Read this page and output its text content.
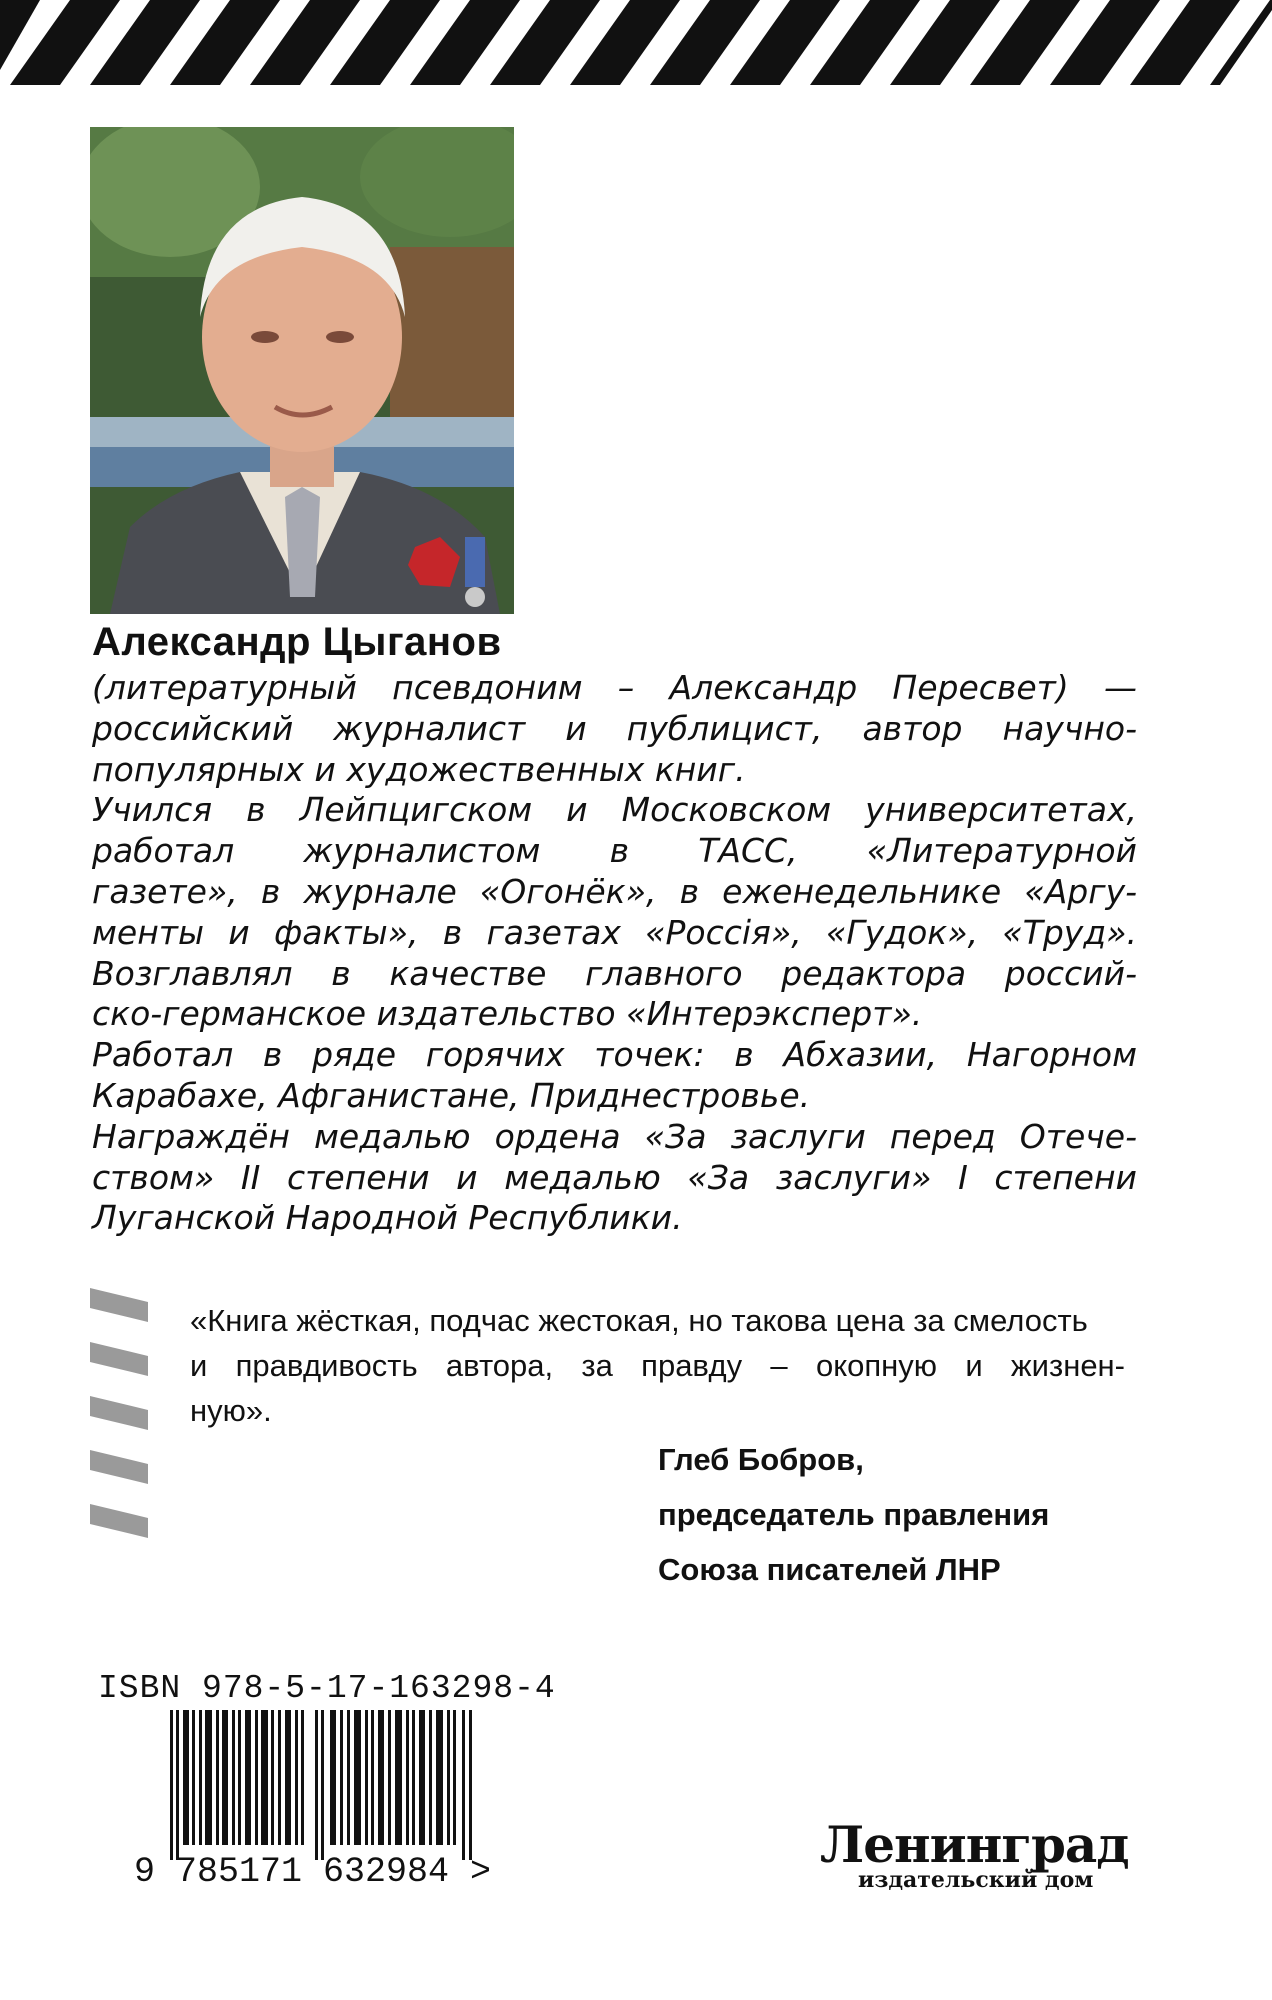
Александр Цыганов

(литературный псевдоним – Александр Пересвет) —
российский журналист и публицист, автор научно-
популярных и художественных книг.
Учился в Лейпцигском и Московском университетах,
работал журналистом в ТАСС, «Литературной
газете», в журнале «Огонёк», в еженедельнике «Аргу-
менты и факты», в газетах «Россія», «Гудок», «Труд».
Возглавлял в качестве главного редактора россий-
ско-германское издательство «Интерэксперт».
Работал в ряде горячих точек: в Абхазии, Нагорном
Карабахе, Афганистане, Приднестровье.
Награждён медалью ордена «За заслуги перед Отече-
ством» II степени и медалью «За заслуги» I степени
Луганской Народной Республики.

«Книга жёсткая, подчас жестокая, но такова цена за смелость
и правдивость автора, за правду – окопную и жизнен-
ную».

Глеб Бобров,
председатель правления
Союза писателей ЛНР
ISBN 978-5-17-163298-4
9 785171 632984 >	Ленинград
издательский дом
